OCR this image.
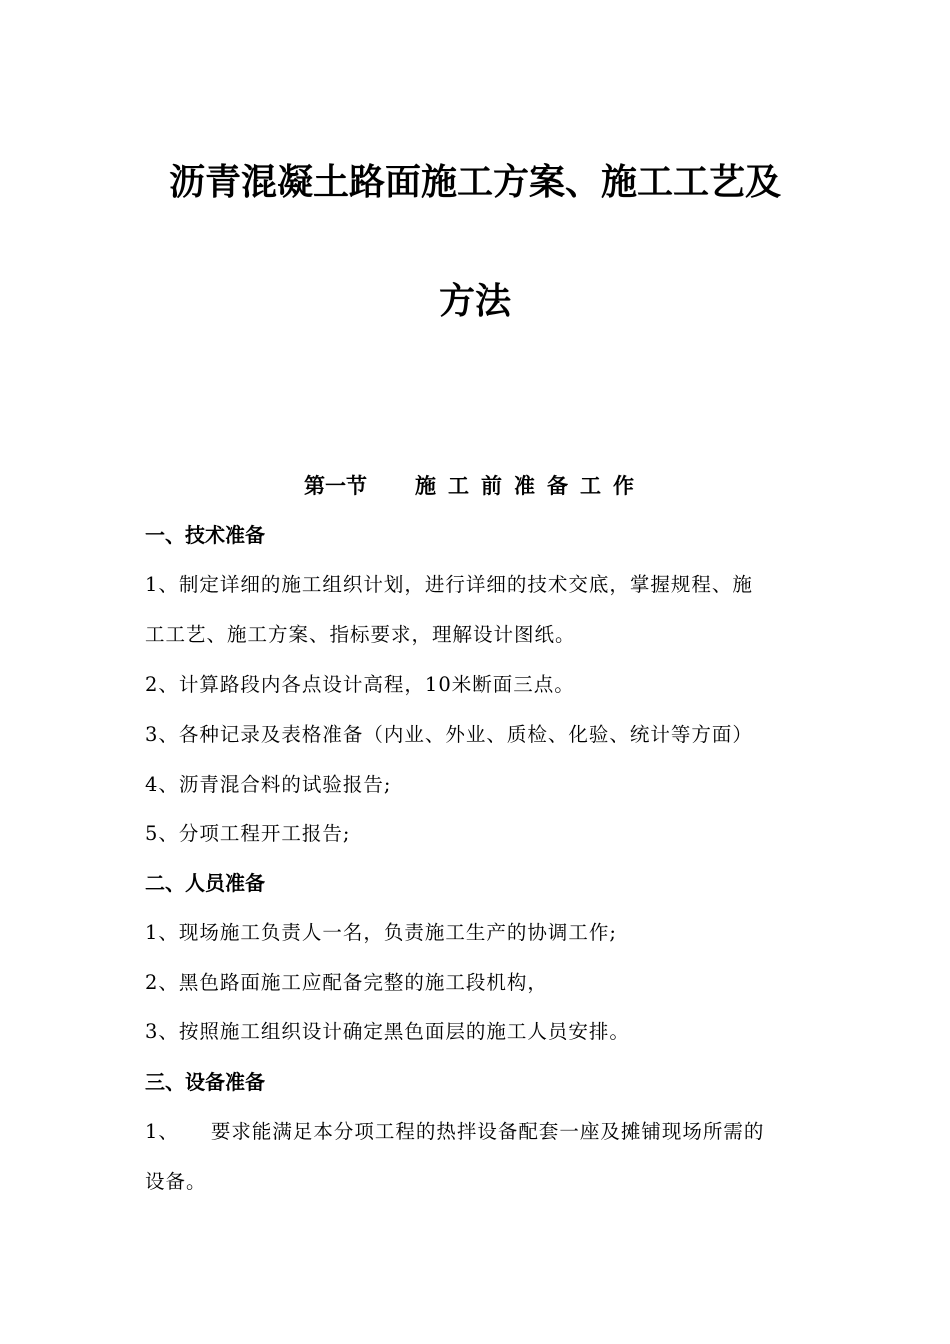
沥青混凝土路面施工方案、施工工艺及
方法
第一节 施工前准备工作
一、技术准备
1、制定详细的施工组织计划，进行详细的技术交底，掌握规程、施
工工艺、施工方案、指标要求，理解设计图纸。
2、计算路段内各点设计高程，10米断面三点。
3、各种记录及表格准备（内业、外业、质检、化验、统计等方面）
4、沥青混合料的试验报告;
5、分项工程开工报告;
二、人员准备
1、现场施工负责人一名，负责施工生产的协调工作;
2、黑色路面施工应配备完整的施工段机构，
3、按照施工组织设计确定黑色面层的施工人员安排。
三、设备准备
1、 要求能满足本分项工程的热拌设备配套一座及摊铺现场所需的
设备。
